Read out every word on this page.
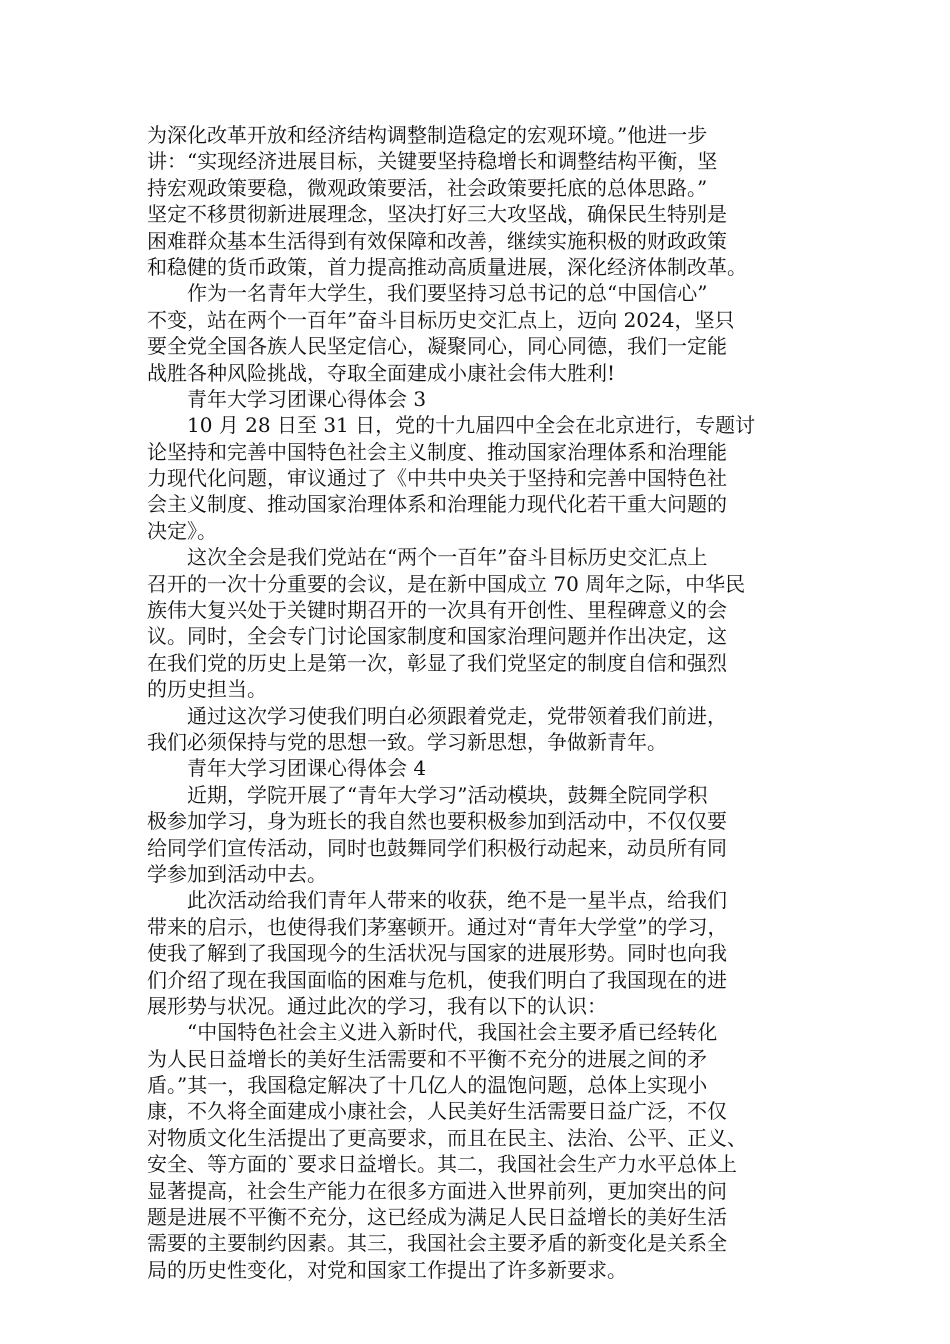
为深化改革开放和经济结构调整制造稳定的宏观环境。”他进一步
讲：“实现经济进展目标，关键要坚持稳增长和调整结构平衡，坚
持宏观政策要稳，微观政策要活，社会政策要托底的总体思路。”
坚定不移贯彻新进展理念，坚决打好三大攻坚战，确保民生特别是
困难群众基本生活得到有效保障和改善，继续实施积极的财政政策
和稳健的货币政策，首力提高推动高质量进展，深化经济体制改革。
作为一名青年大学生，我们要坚持习总书记的总“中国信心”
不变，站在两个一百年”奋斗目标历史交汇点上，迈向 2024，坚只
要全党全国各族人民坚定信心，凝聚同心，同心同德，我们一定能
战胜各种风险挑战，夺取全面建成小康社会伟大胜利!
青年大学习团课心得体会 3
10 月 28 日至 31 日，党的十九届四中全会在北京进行，专题讨
论坚持和完善中国特色社会主义制度、推动国家治理体系和治理能
力现代化问题，审议通过了《中共中央关于坚持和完善中国特色社
会主义制度、推动国家治理体系和治理能力现代化若干重大问题的
决定》。
这次全会是我们党站在“两个一百年”奋斗目标历史交汇点上
召开的一次十分重要的会议，是在新中国成立 70 周年之际，中华民
族伟大复兴处于关键时期召开的一次具有开创性、里程碑意义的会
议。同时，全会专门讨论国家制度和国家治理问题并作出决定，这
在我们党的历史上是第一次，彰显了我们党坚定的制度自信和强烈
的历史担当。
通过这次学习使我们明白必须跟着党走，党带领着我们前进，
我们必须保持与党的思想一致。学习新思想，争做新青年。
青年大学习团课心得体会 4
近期，学院开展了“青年大学习”活动模块，鼓舞全院同学积
极参加学习，身为班长的我自然也要积极参加到活动中，不仅仅要
给同学们宣传活动，同时也鼓舞同学们积极行动起来，动员所有同
学参加到活动中去。
此次活动给我们青年人带来的收获，绝不是一星半点，给我们
带来的启示，也使得我们茅塞顿开。通过对“青年大学堂”的学习，
使我了解到了我国现今的生活状况与国家的进展形势。同时也向我
们介绍了现在我国面临的困难与危机，使我们明白了我国现在的进
展形势与状况。通过此次的学习，我有以下的认识：
“中国特色社会主义进入新时代，我国社会主要矛盾已经转化
为人民日益增长的美好生活需要和不平衡不充分的进展之间的矛
盾。”其一，我国稳定解决了十几亿人的温饱问题，总体上实现小
康，不久将全面建成小康社会，人民美好生活需要日益广泛，不仅
对物质文化生活提出了更高要求，而且在民主、法治、公平、正义、
安全、等方面的`要求日益增长。其二，我国社会生产力水平总体上
显著提高，社会生产能力在很多方面进入世界前列，更加突出的问
题是进展不平衡不充分，这已经成为满足人民日益增长的美好生活
需要的主要制约因素。其三，我国社会主要矛盾的新变化是关系全
局的历史性变化，对党和国家工作提出了许多新要求。
